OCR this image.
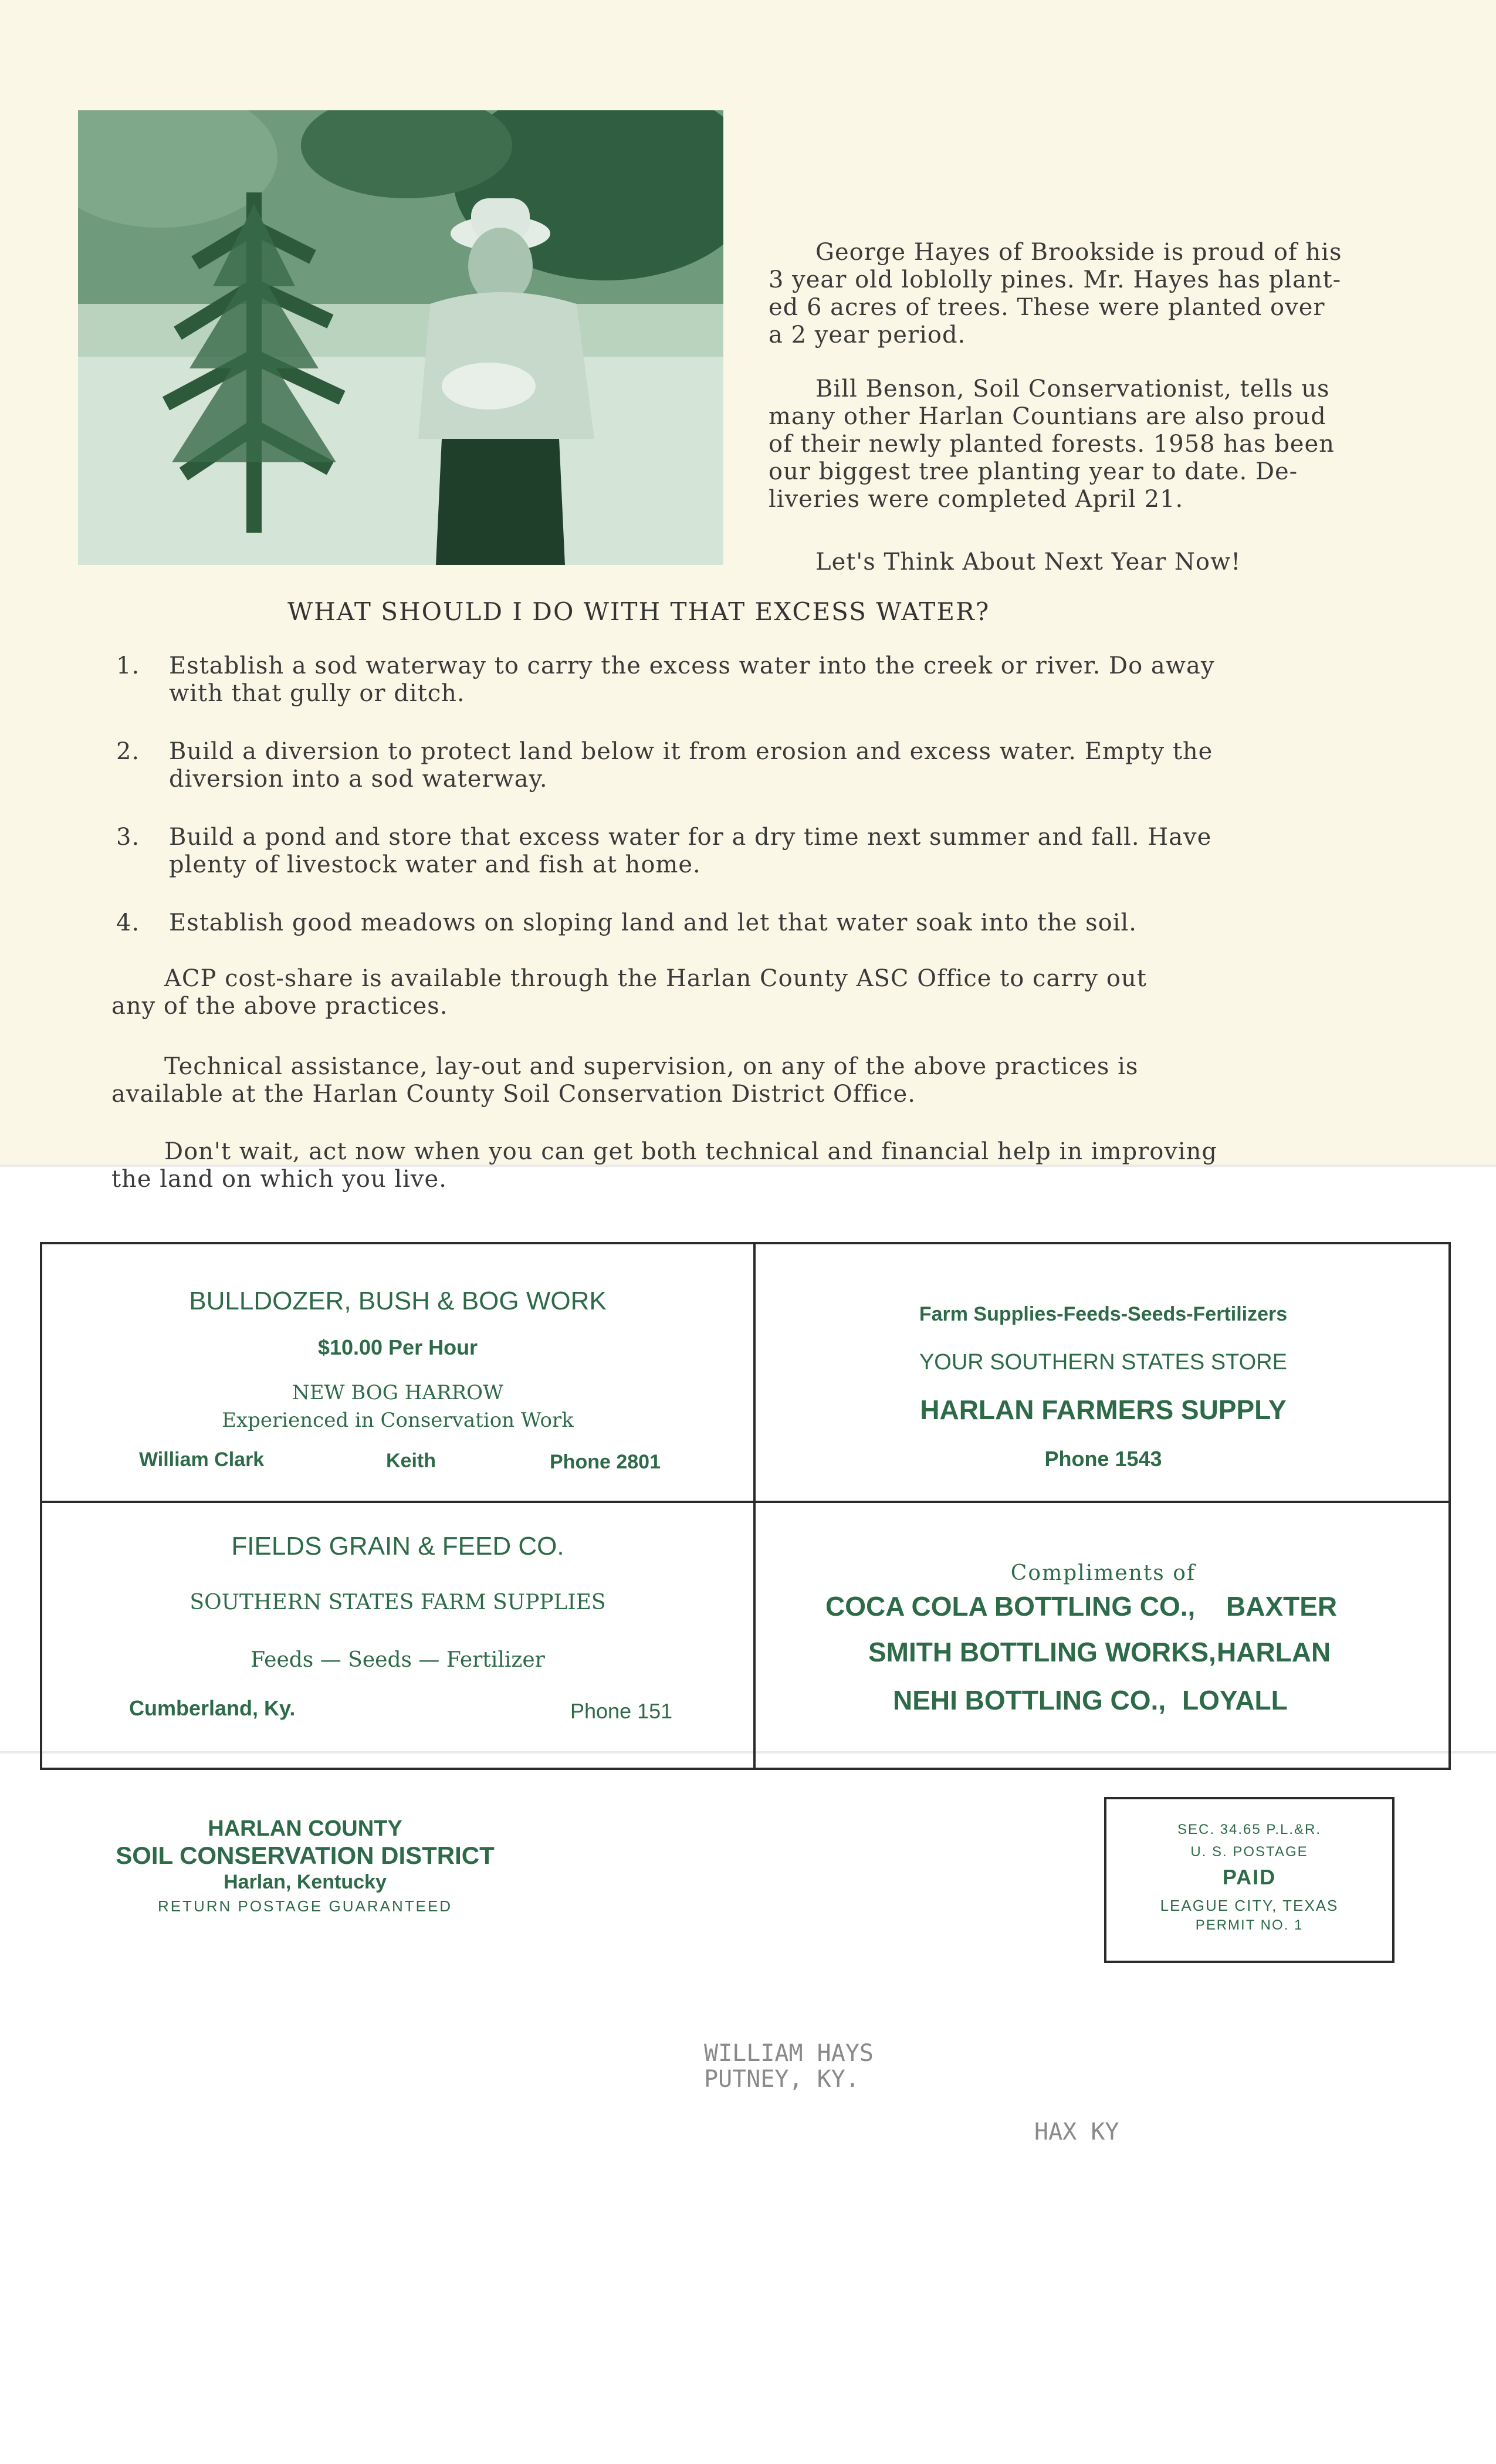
George Hayes of Brookside is proud of his

3 year old loblolly pines. Mr. Hayes has plant-

ed 6 acres of trees. These were planted over

a 2 year period.

Bill Benson, Soil Conservationist, tells us

many other Harlan Countians are also proud

of their newly planted forests. 1958 has been

our biggest tree planting year to date. De-

liveries were completed April 21.

Let's Think About Next Year Now!

WHAT SHOULD I DO WITH THAT EXCESS WATER?
1. Establish a sod waterway to carry the excess water into the creek or river. Do away
with that gully or ditch.
2. Build a diversion to protect land below it from erosion and excess water. Empty the
diversion into a sod waterway.
3. Build a pond and store that excess water for a dry time next summer and fall. Have
plenty of livestock water and fish at home.
4. Establish good meadows on sloping land and let that water soak into the soil.
ACP cost-share is available through the Harlan County ASC Office to carry out
any of the above practices.
Technical assistance, lay-out and supervision, on any of the above practices is
available at the Harlan County Soil Conservation District Office.
Don't wait, act now when you can get both technical and financial help in improving
the land on which you live.
BULLDOZER, BUSH & BOG WORK
$10.00 Per Hour
NEW BOG HARROW
Experienced in Conservation Work
William Clark	Keith	Phone 2801
Farm Supplies-Feeds-Seeds-Fertilizers
YOUR SOUTHERN STATES STORE
HARLAN FARMERS SUPPLY
Phone 1543
FIELDS GRAIN & FEED CO.
SOUTHERN STATES FARM SUPPLIES
Feeds — Seeds — Fertilizer
Cumberland, Ky.	Phone 151
Compliments of
COCA COLA BOTTLING CO., BAXTER
SMITH BOTTLING WORKS, HARLAN
NEHI BOTTLING CO., LOYALL
HARLAN COUNTY
SOIL CONSERVATION DISTRICT
Harlan, Kentucky
RETURN POSTAGE GUARANTEED
SEC. 34.65 P.L.&R.
U. S. POSTAGE
PAID
LEAGUE CITY, TEXAS
PERMIT NO. 1
WILLIAM HAYS
PUTNEY, KY.
HAX KY
